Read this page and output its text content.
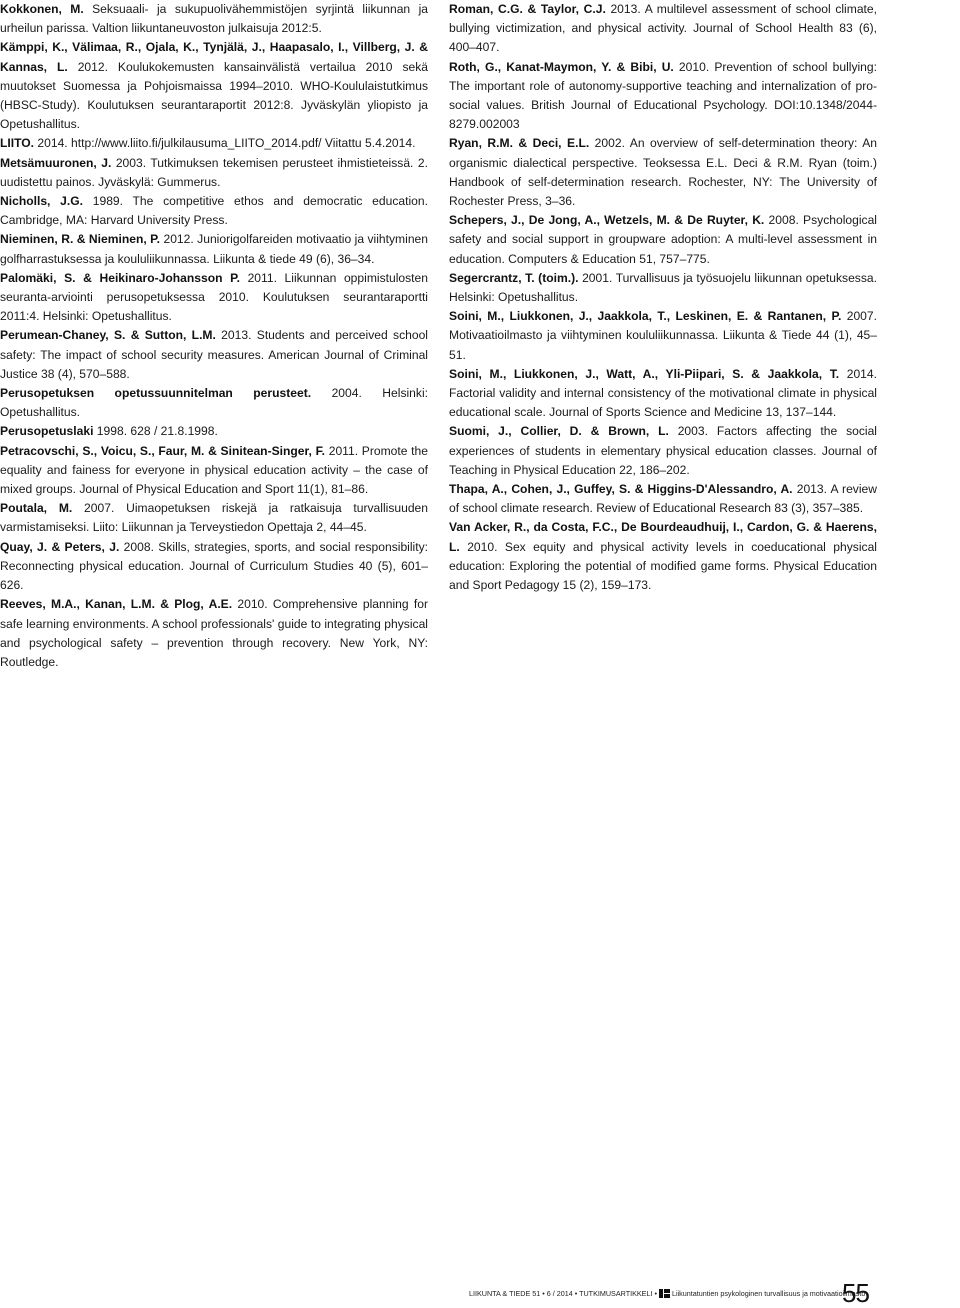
Kokkonen, M. Seksuaali- ja sukupuolivähemmistöjen syrjintä liikunnan ja urheilun parissa. Valtion liikuntaneuvoston julkaisuja 2012:5.

Kämppi, K., Välimaa, R., Ojala, K., Tynjälä, J., Haapasalo, I., Villberg, J. & Kannas, L. 2012. Koulukokemusten kansainvälistä vertailua 2010 sekä muutokset Suomessa ja Pohjoismaissa 1994–2010. WHO-Koululaistutkimus (HBSC-Study). Koulutuksen seurantaraportit 2012:8. Jyväskylän yliopisto ja Opetushallitus.

LIITO. 2014. http://www.liito.fi/julkilausuma_LIITO_2014.pdf/ Viitattu 5.4.2014.

Metsämuuronen, J. 2003. Tutkimuksen tekemisen perusteet ihmistieteissä. 2. uudistettu painos. Jyväskylä: Gummerus.

Nicholls, J.G. 1989. The competitive ethos and democratic education. Cambridge, MA: Harvard University Press.

Nieminen, R. & Nieminen, P. 2012. Juniorigolfareiden motivaatio ja viihtyminen golfharrastuksessa ja koululiikunnassa. Liikunta & tiede 49 (6), 36–34.

Palomäki, S. & Heikinaro-Johansson P. 2011. Liikunnan oppimistulosten seuranta-arviointi perusopetuksessa 2010. Koulutuksen seurantaraportti 2011:4. Helsinki: Opetushallitus.

Perumean-Chaney, S. & Sutton, L.M. 2013. Students and perceived school safety: The impact of school security measures. American Journal of Criminal Justice 38 (4), 570–588.

Perusopetuksen opetussuunnitelman perusteet. 2004. Helsinki: Opetushallitus.

Perusopetuslaki 1998. 628 / 21.8.1998.

Petracovschi, S., Voicu, S., Faur, M. & Sinitean-Singer, F. 2011. Promote the equality and fainess for everyone in physical education activity – the case of mixed groups. Journal of Physical Education and Sport 11(1), 81–86.

Poutala, M. 2007. Uimaopetuksen riskejä ja ratkaisuja turvallisuuden varmistamiseksi. Liito: Liikunnan ja Terveystiedon Opettaja 2, 44–45.

Quay, J. & Peters, J. 2008. Skills, strategies, sports, and social responsibility: Reconnecting physical education. Journal of Curriculum Studies 40 (5), 601–626.

Reeves, M.A., Kanan, L.M. & Plog, A.E. 2010. Comprehensive planning for safe learning environments. A school professionals' guide to integrating physical and psychological safety – prevention through recovery. New York, NY: Routledge.

Roman, C.G. & Taylor, C.J. 2013. A multilevel assessment of school climate, bullying victimization, and physical activity. Journal of School Health 83 (6), 400–407.

Roth, G., Kanat-Maymon, Y. & Bibi, U. 2010. Prevention of school bullying: The important role of autonomy-supportive teaching and internalization of pro-social values. British Journal of Educational Psychology. DOI:10.1348/2044-8279.002003

Ryan, R.M. & Deci, E.L. 2002. An overview of self-determination theory: An organismic dialectical perspective. Teoksessa E.L. Deci & R.M. Ryan (toim.) Handbook of self-determination research. Rochester, NY: The University of Rochester Press, 3–36.

Schepers, J., De Jong, A., Wetzels, M. & De Ruyter, K. 2008. Psychological safety and social support in groupware adoption: A multi-level assessment in education. Computers & Education 51, 757–775.

Segercrantz, T. (toim.). 2001. Turvallisuus ja työsuojelu liikunnan opetuksessa. Helsinki: Opetushallitus.

Soini, M., Liukkonen, J., Jaakkola, T., Leskinen, E. & Rantanen, P. 2007. Motivaatioilmasto ja viihtyminen koululiikunnassa. Liikunta & Tiede 44 (1), 45–51.

Soini, M., Liukkonen, J., Watt, A., Yli-Piipari, S. & Jaakkola, T. 2014. Factorial validity and internal consistency of the motivational climate in physical educational scale. Journal of Sports Science and Medicine 13, 137–144.

Suomi, J., Collier, D. & Brown, L. 2003. Factors affecting the social experiences of students in elementary physical education classes. Journal of Teaching in Physical Education 22, 186–202.

Thapa, A., Cohen, J., Guffey, S. & Higgins-D'Alessandro, A. 2013. A review of school climate research. Review of Educational Research 83 (3), 357–385.

Van Acker, R., da Costa, F.C., De Bourdeaudhuij, I., Cardon, G. & Haerens, L. 2010. Sex equity and physical activity levels in coeducational physical education: Exploring the potential of modified game forms. Physical Education and Sport Pedagogy 15 (2), 159–173.

LIIKUNTA & TIEDE 51 • 6 / 2014 • TUTKIMUSARTIKKELI • Liikuntatuntien psykologinen turvallisuus ja motivaatioilmasto
55
